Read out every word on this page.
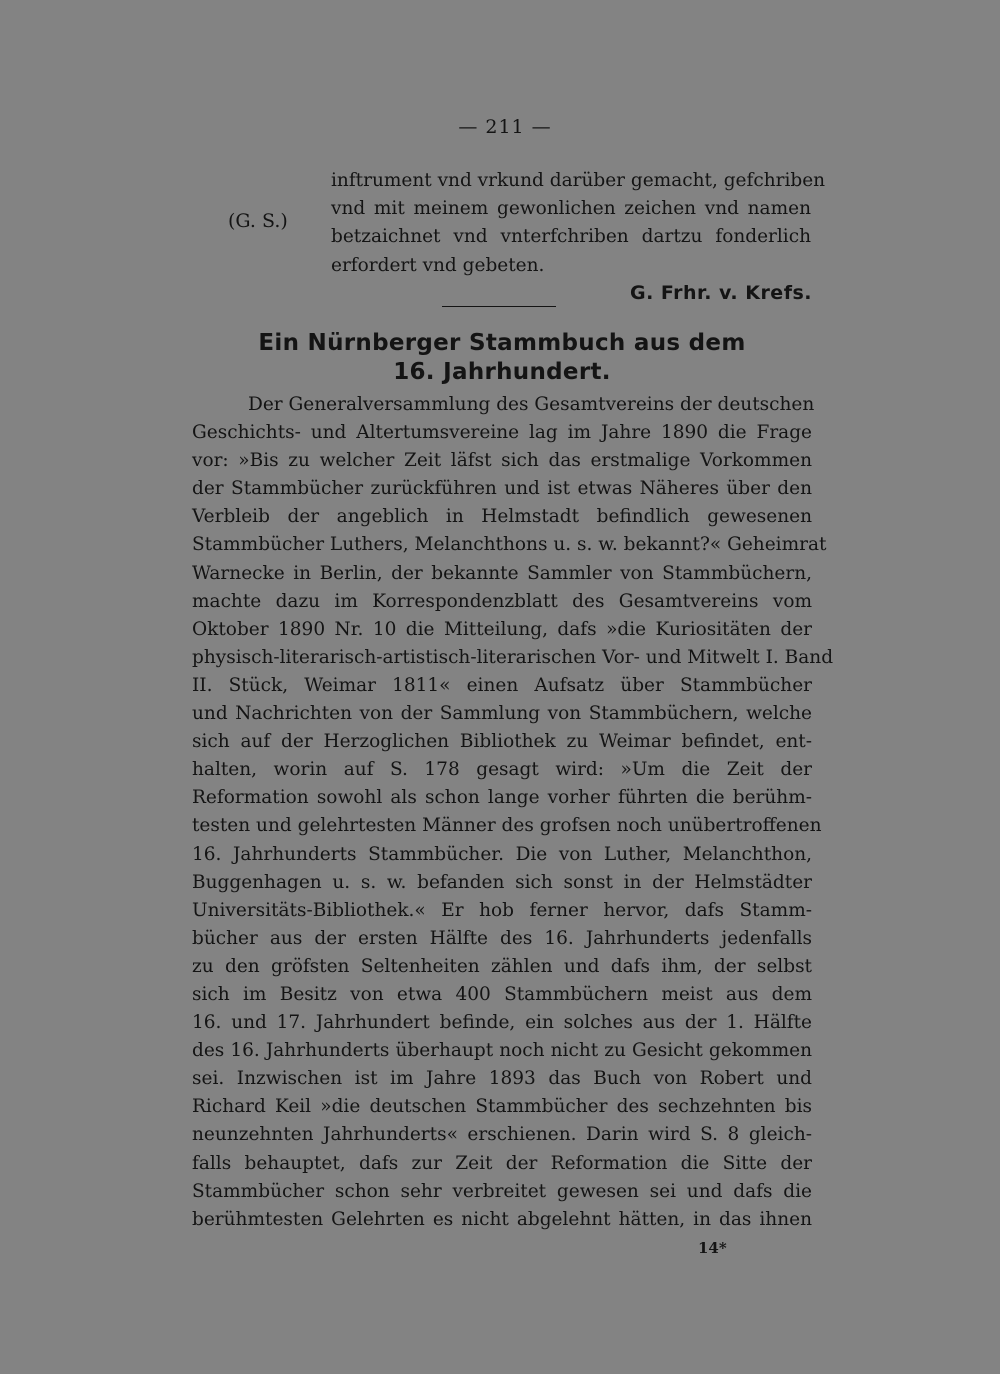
— 211 —
(G. S.)
inftrument vnd vrkund darüber gemacht, gefchriben
vnd mit meinem gewonlichen zeichen vnd namen
betzaichnet vnd vnterfchriben dartzu fonderlich
erfordert vnd gebeten.
G. Frhr. v. Krefs.
Ein Nürnberger Stammbuch aus dem
16. Jahrhundert.
Der Generalversammlung des Gesamtvereins der deutschen
Geschichts- und Altertumsvereine lag im Jahre 1890 die Frage
vor: »Bis zu welcher Zeit läfst sich das erstmalige Vorkommen
der Stammbücher zurückführen und ist etwas Näheres über den
Verbleib der angeblich in Helmstadt befindlich gewesenen
Stammbücher Luthers, Melanchthons u. s. w. bekannt?« Geheimrat
Warnecke in Berlin, der bekannte Sammler von Stammbüchern,
machte dazu im Korrespondenzblatt des Gesamtvereins vom
Oktober 1890 Nr. 10 die Mitteilung, dafs »die Kuriositäten der
physisch-literarisch-artistisch-literarischen Vor- und Mitwelt I. Band
II. Stück, Weimar 1811« einen Aufsatz über Stammbücher
und Nachrichten von der Sammlung von Stammbüchern, welche
sich auf der Herzoglichen Bibliothek zu Weimar befindet, ent-
halten, worin auf S. 178 gesagt wird: »Um die Zeit der
Reformation sowohl als schon lange vorher führten die berühm-
testen und gelehrtesten Männer des grofsen noch unübertroffenen
16. Jahrhunderts Stammbücher. Die von Luther, Melanchthon,
Buggenhagen u. s. w. befanden sich sonst in der Helmstädter
Universitäts-Bibliothek.« Er hob ferner hervor, dafs Stamm-
bücher aus der ersten Hälfte des 16. Jahrhunderts jedenfalls
zu den gröfsten Seltenheiten zählen und dafs ihm, der selbst
sich im Besitz von etwa 400 Stammbüchern meist aus dem
16. und 17. Jahrhundert befinde, ein solches aus der 1. Hälfte
des 16. Jahrhunderts überhaupt noch nicht zu Gesicht gekommen
sei. Inzwischen ist im Jahre 1893 das Buch von Robert und
Richard Keil »die deutschen Stammbücher des sechzehnten bis
neunzehnten Jahrhunderts« erschienen. Darin wird S. 8 gleich-
falls behauptet, dafs zur Zeit der Reformation die Sitte der
Stammbücher schon sehr verbreitet gewesen sei und dafs die
berühmtesten Gelehrten es nicht abgelehnt hätten, in das ihnen
14*
